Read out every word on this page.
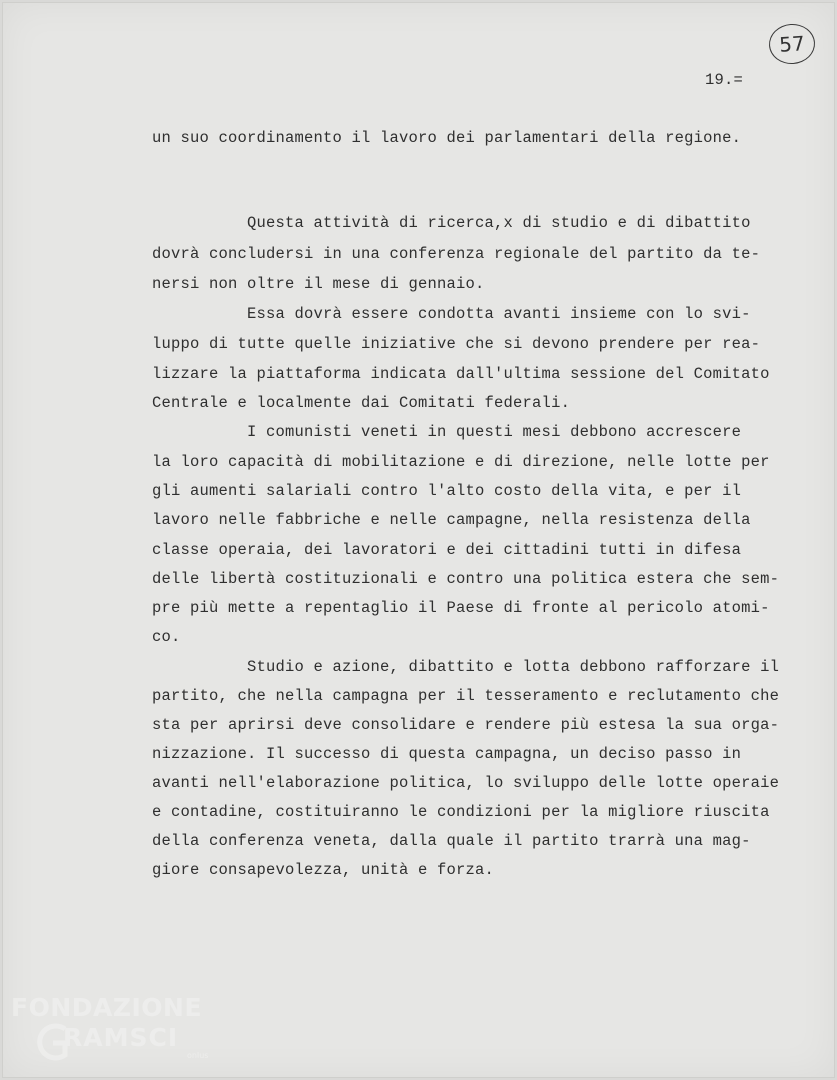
57
19.=
un suo coordinamento il lavoro dei parlamentari della regione.
Questa attività di ricerca,x di studio e di dibattito
dovrà concludersi in una conferenza regionale del partito da te-
nersi non oltre il mese di gennaio.
Essa dovrà essere condotta avanti insieme con lo svi-
luppo di tutte quelle iniziative che si devono prendere per rea-
lizzare la piattaforma indicata dall'ultima sessione del Comitato
Centrale e localmente dai Comitati federali.
I comunisti veneti in questi mesi debbono accrescere
la loro capacità di mobilitazione e di direzione, nelle lotte per
gli aumenti salariali contro l'alto costo della vita, e per il
lavoro nelle fabbriche e nelle campagne, nella resistenza della
classe operaia, dei lavoratori e dei cittadini tutti in difesa
delle libertà costituzionali e contro una politica estera che sem-
pre più mette a repentaglio il Paese di fronte al pericolo atomi-
co.
Studio e azione, dibattito e lotta debbono rafforzare il
partito, che nella campagna per il tesseramento e reclutamento che
sta per aprirsi deve consolidare e rendere più estesa la sua orga-
nizzazione. Il successo di questa campagna, un deciso passo in
avanti nell'elaborazione politica, lo sviluppo delle lotte operaie
e contadine, costituiranno le condizioni per la migliore riuscita
della conferenza veneta, dalla quale il partito trarrà una mag-
giore consapevolezza, unità e forza.
FONDAZIONE
RAMSCI
onlus
